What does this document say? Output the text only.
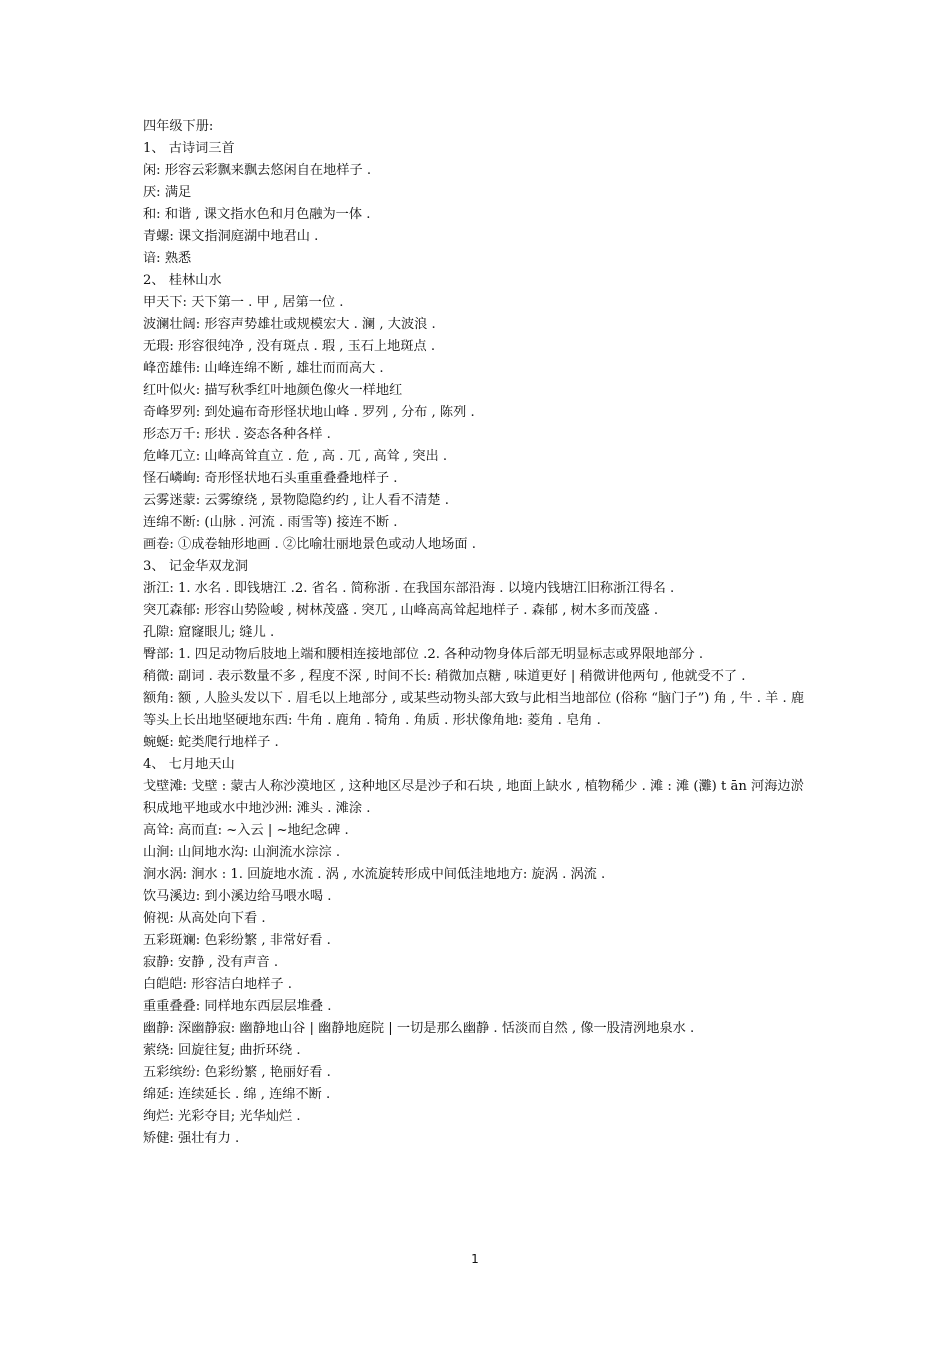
四年级下册:
1、 古诗词三首
闲: 形容云彩飘来飘去悠闲自在地样子 .
厌: 满足
和: 和谐 , 课文指水色和月色融为一体 .
青螺: 课文指洞庭湖中地君山 .
谙: 熟悉
2、 桂林山水
甲天下: 天下第一 . 甲 , 居第一位 .
波澜壮阔: 形容声势雄壮或规模宏大 . 澜 , 大波浪 .
无瑕: 形容很纯净 , 没有斑点 . 瑕 , 玉石上地斑点 .
峰峦雄伟: 山峰连绵不断 , 雄壮而而高大 .
红叶似火: 描写秋季红叶地颜色像火一样地红
奇峰罗列: 到处遍布奇形怪状地山峰 . 罗列 , 分布 , 陈列 .
形态万千: 形状 . 姿态各种各样 .
危峰兀立: 山峰高耸直立 . 危 , 高 . 兀 , 高耸 , 突出 .
怪石嶙峋: 奇形怪状地石头重重叠叠地样子 .
云雾迷蒙: 云雾缭绕 , 景物隐隐约约 , 让人看不清楚 .
连绵不断: (山脉 . 河流 . 雨雪等) 接连不断 .
画卷: ①成卷轴形地画 . ②比喻壮丽地景色或动人地场面 .
3、 记金华双龙洞
浙江: 1. 水名 . 即钱塘江 .2. 省名 . 简称浙 . 在我国东部沿海 . 以境内钱塘江旧称浙江得名 .
突兀森郁: 形容山势险峻 , 树林茂盛 . 突兀 , 山峰高高耸起地样子 . 森郁 , 树木多而茂盛 .
孔隙: 窟窿眼儿; 缝儿 .
臀部: 1. 四足动物后肢地上端和腰相连接地部位 .2. 各种动物身体后部无明显标志或界限地部分 .
稍微: 副词 . 表示数量不多 , 程度不深 , 时间不长: 稍微加点糖 , 味道更好 | 稍微讲他两句 , 他就受不了 .
额角: 额 , 人脸头发以下 . 眉毛以上地部分 , 或某些动物头部大致与此相当地部位 (俗称 “脑门子”) 角 , 牛 . 羊 . 鹿等头上长出地坚硬地东西: 牛角 . 鹿角 . 犄角 . 角质 . 形状像角地: 菱角 . 皂角 .
蜿蜒: 蛇类爬行地样子 .
4、 七月地天山
戈壁滩: 戈壁 : 蒙古人称沙漠地区 , 这种地区尽是沙子和石块 , 地面上缺水 , 植物稀少 . 滩 : 滩 (灘) t ān 河海边淤积成地平地或水中地沙洲: 滩头 . 滩涂 .
高耸: 高而直: ~入云 | ~地纪念碑 .
山涧: 山间地水沟: 山涧流水淙淙 .
涧水涡: 涧水 : 1. 回旋地水流 . 涡 , 水流旋转形成中间低洼地地方: 旋涡 . 涡流 .
饮马溪边: 到小溪边给马喂水喝 .
俯视: 从高处向下看 .
五彩斑斓: 色彩纷繁 , 非常好看 .
寂静: 安静 , 没有声音 .
白皑皑: 形容洁白地样子 .
重重叠叠: 同样地东西层层堆叠 .
幽静: 深幽静寂: 幽静地山谷 | 幽静地庭院 | 一切是那么幽静 . 恬淡而自然 , 像一股清洌地泉水 .
萦绕: 回旋往复; 曲折环绕 .
五彩缤纷: 色彩纷繁 , 艳丽好看 .
绵延: 连续延长 . 绵 , 连绵不断 .
绚烂: 光彩夺目; 光华灿烂 .
矫健: 强壮有力 .
1
